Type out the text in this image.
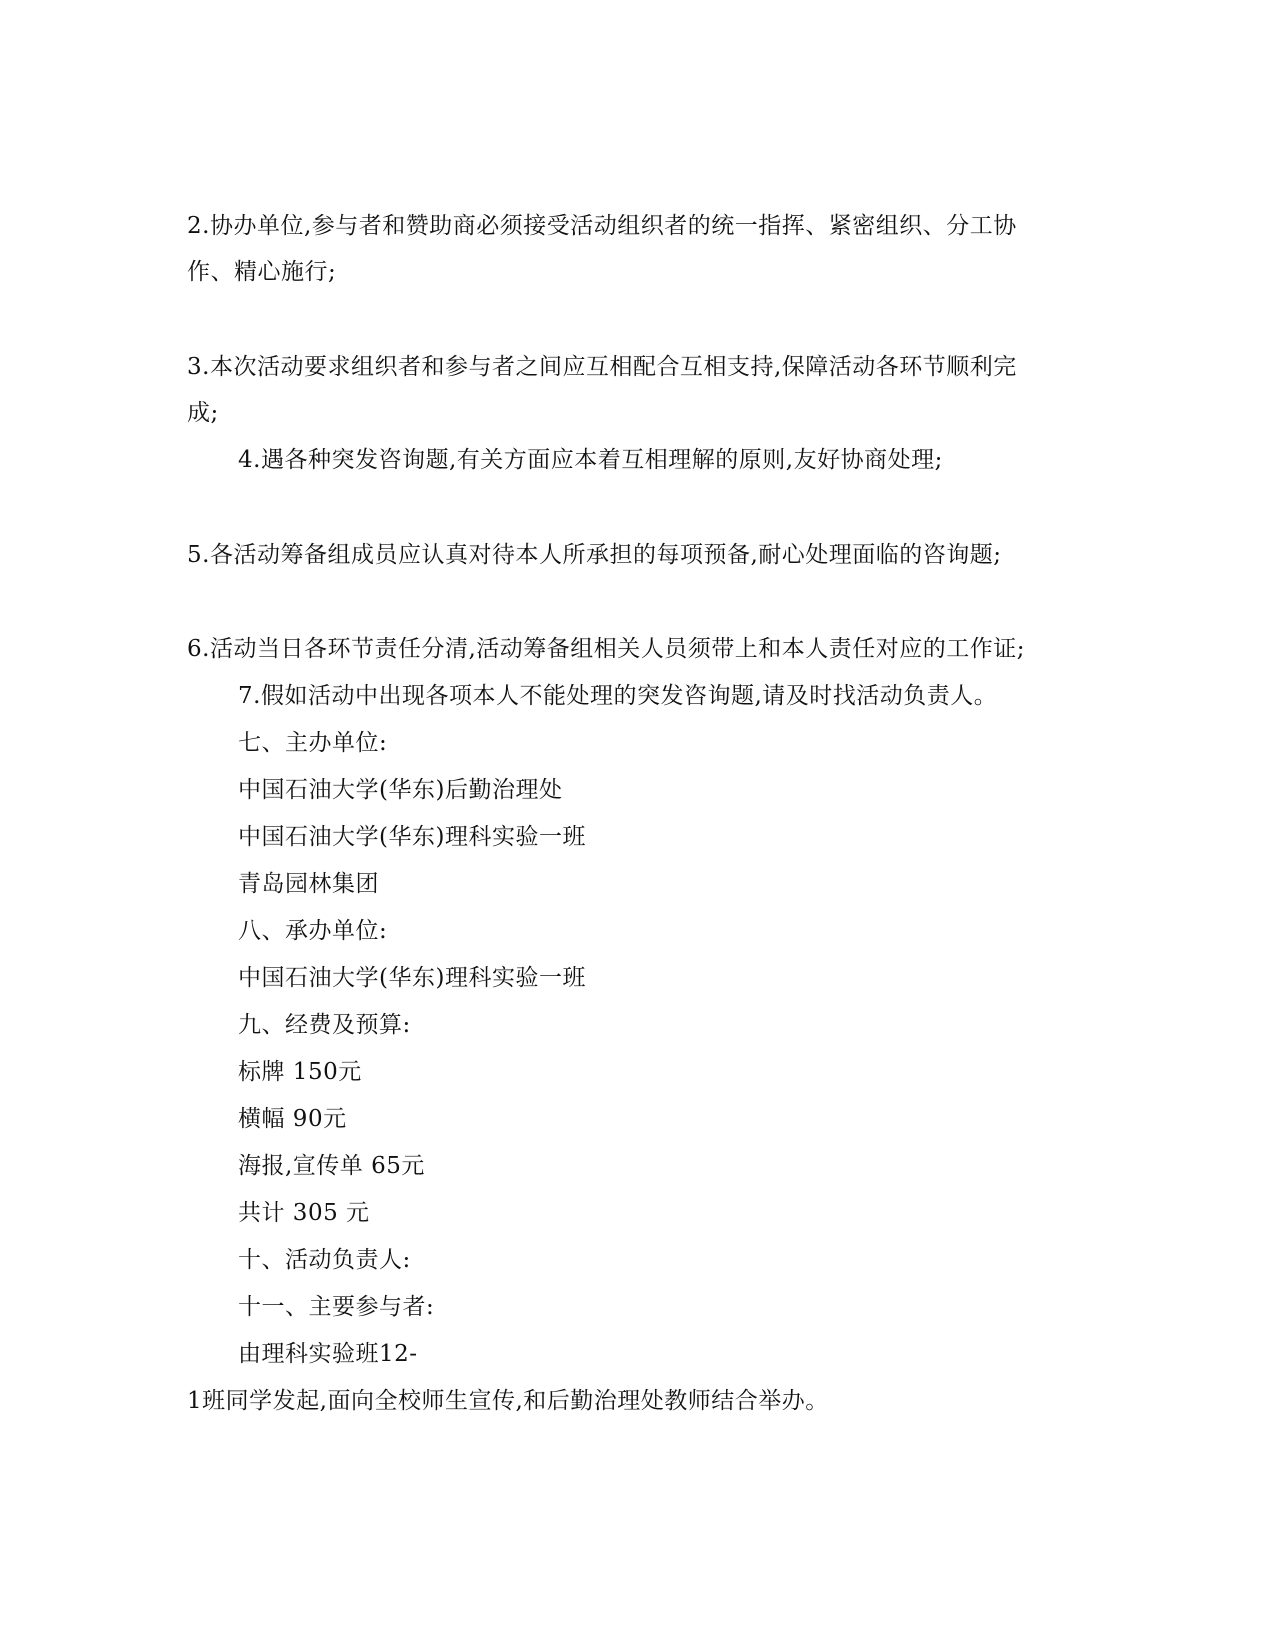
2.协办单位,参与者和赞助商必须接受活动组织者的统一指挥、紧密组织、分工协
作、精心施行;
3.本次活动要求组织者和参与者之间应互相配合互相支持,保障活动各环节顺利完
成;
4.遇各种突发咨询题,有关方面应本着互相理解的原则,友好协商处理;
5.各活动筹备组成员应认真对待本人所承担的每项预备,耐心处理面临的咨询题;
6.活动当日各环节责任分清,活动筹备组相关人员须带上和本人责任对应的工作证;
7.假如活动中出现各项本人不能处理的突发咨询题,请及时找活动负责人。
七、主办单位:
中国石油大学(华东)后勤治理处
中国石油大学(华东)理科实验一班
青岛园林集团
八、承办单位:
中国石油大学(华东)理科实验一班
九、经费及预算:
标牌 150元
横幅 90元
海报,宣传单 65元
共计 305 元
十、活动负责人:
十一、主要参与者:
由理科实验班12-
1班同学发起,面向全校师生宣传,和后勤治理处教师结合举办。
